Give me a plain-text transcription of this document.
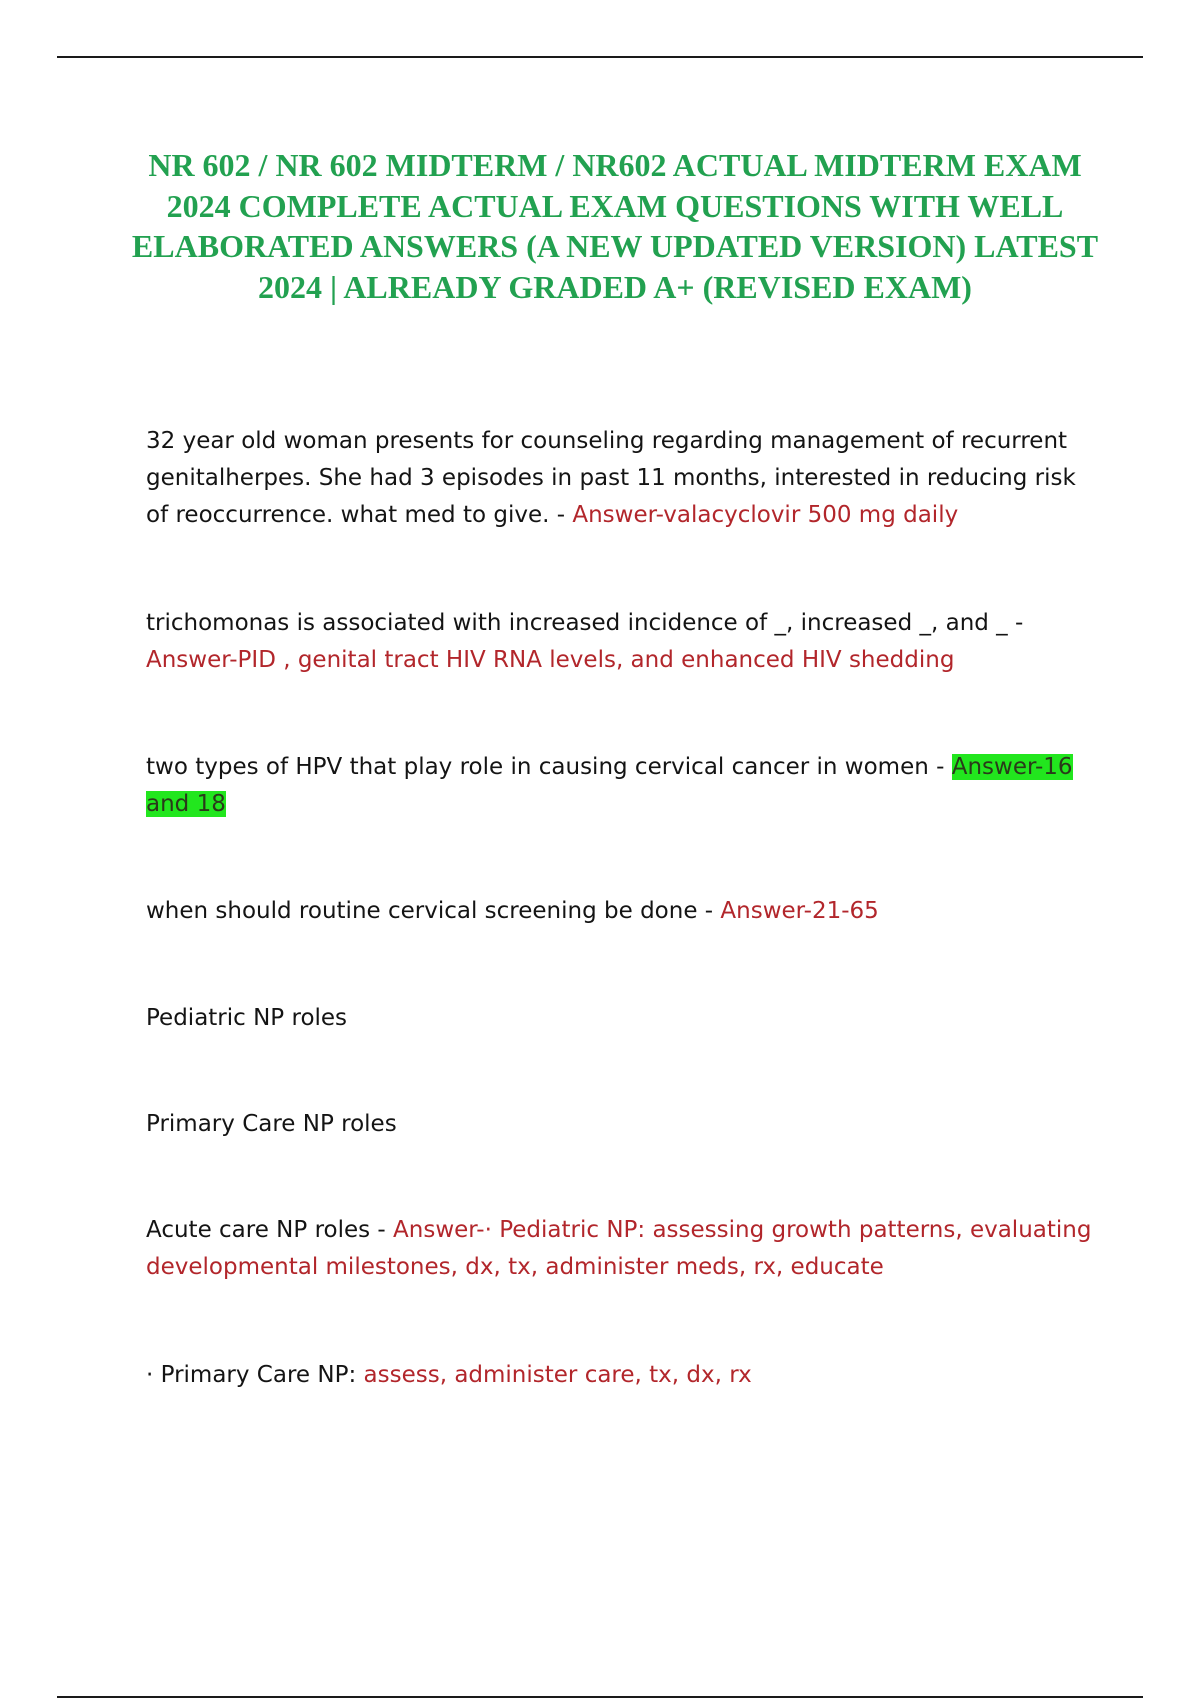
NR 602 / NR 602 MIDTERM / NR602 ACTUAL MIDTERM EXAM 2024 COMPLETE ACTUAL EXAM QUESTIONS WITH WELL ELABORATED ANSWERS (A NEW UPDATED VERSION) LATEST 2024 | ALREADY GRADED A+ (REVISED EXAM)

32 year old woman presents for counseling regarding management of recurrent genitalherpes. She had 3 episodes in past 11 months, interested in reducing risk of reoccurrence. what med to give. - Answer-valacyclovir 500 mg daily

trichomonas is associated with increased incidence of _, increased _, and _ - Answer-PID , genital tract HIV RNA levels, and enhanced HIV shedding

two types of HPV that play role in causing cervical cancer in women - Answer-16 and 18

when should routine cervical screening be done - Answer-21-65

Pediatric NP roles

Primary Care NP roles

Acute care NP roles - Answer-· Pediatric NP: assessing growth patterns, evaluating developmental milestones, dx, tx, administer meds, rx, educate

· Primary Care NP: assess, administer care, tx, dx, rx
